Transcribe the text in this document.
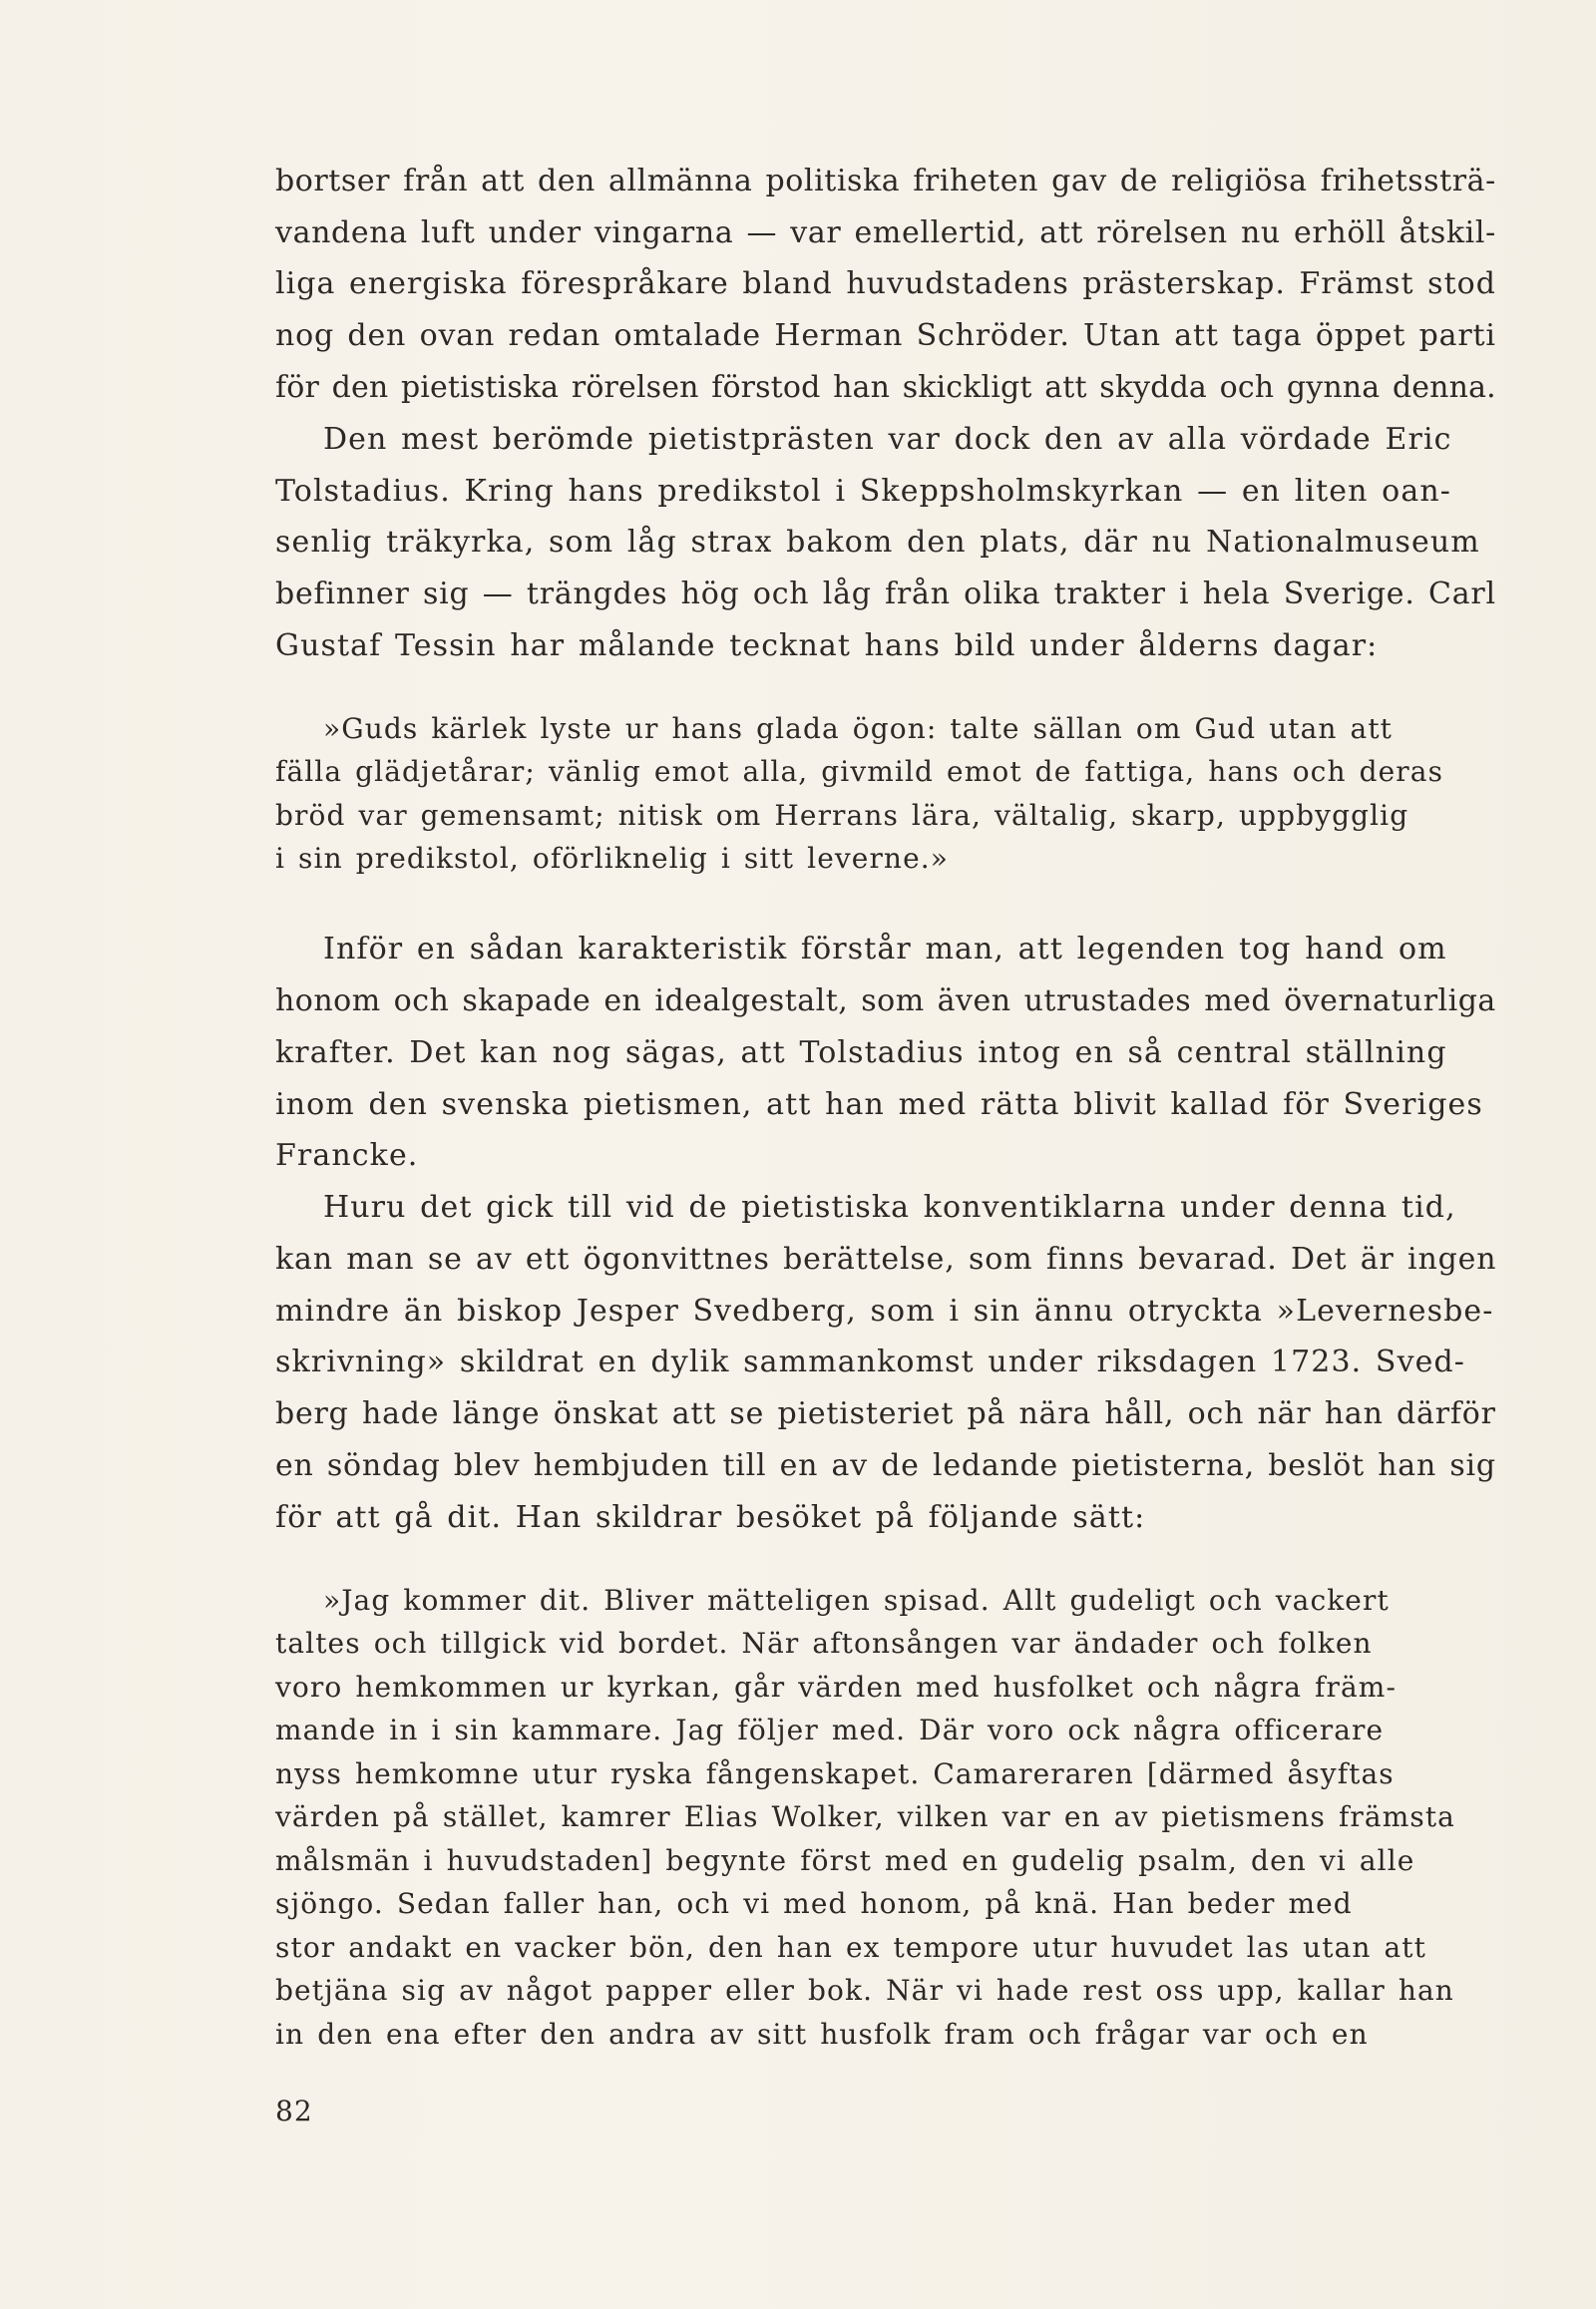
bortser från att den allmänna politiska friheten gav de religiösa frihetssträ-
vandena luft under vingarna — var emellertid, att rörelsen nu erhöll åtskil-
liga energiska förespråkare bland huvudstadens prästerskap. Främst stod
nog den ovan redan omtalade Herman Schröder. Utan att taga öppet parti
för den pietistiska rörelsen förstod han skickligt att skydda och gynna denna.
Den mest berömde pietistprästen var dock den av alla vördade Eric
Tolstadius. Kring hans predikstol i Skeppsholmskyrkan — en liten oan-
senlig träkyrka, som låg strax bakom den plats, där nu Nationalmuseum
befinner sig — trängdes hög och låg från olika trakter i hela Sverige. Carl
Gustaf Tessin har målande tecknat hans bild under ålderns dagar:
»Guds kärlek lyste ur hans glada ögon: talte sällan om Gud utan att
fälla glädjetårar; vänlig emot alla, givmild emot de fattiga, hans och deras
bröd var gemensamt; nitisk om Herrans lära, vältalig, skarp, uppbygglig
i sin predikstol, oförliknelig i sitt leverne.»
Inför en sådan karakteristik förstår man, att legenden tog hand om
honom och skapade en idealgestalt, som även utrustades med övernaturliga
krafter. Det kan nog sägas, att Tolstadius intog en så central ställning
inom den svenska pietismen, att han med rätta blivit kallad för Sveriges
Francke.
Huru det gick till vid de pietistiska konventiklarna under denna tid,
kan man se av ett ögonvittnes berättelse, som finns bevarad. Det är ingen
mindre än biskop Jesper Svedberg, som i sin ännu otryckta »Levernesbe-
skrivning» skildrat en dylik sammankomst under riksdagen 1723. Sved-
berg hade länge önskat att se pietisteriet på nära håll, och när han därför
en söndag blev hembjuden till en av de ledande pietisterna, beslöt han sig
för att gå dit. Han skildrar besöket på följande sätt:
»Jag kommer dit. Bliver mätteligen spisad. Allt gudeligt och vackert
taltes och tillgick vid bordet. När aftonsången var ändader och folken
voro hemkommen ur kyrkan, går värden med husfolket och några främ-
mande in i sin kammare. Jag följer med. Där voro ock några officerare
nyss hemkomne utur ryska fångenskapet. Camareraren [därmed åsyftas
värden på stället, kamrer Elias Wolker, vilken var en av pietismens främsta
målsmän i huvudstaden] begynte först med en gudelig psalm, den vi alle
sjöngo. Sedan faller han, och vi med honom, på knä. Han beder med
stor andakt en vacker bön, den han ex tempore utur huvudet las utan att
betjäna sig av något papper eller bok. När vi hade rest oss upp, kallar han
in den ena efter den andra av sitt husfolk fram och frågar var och en
82
